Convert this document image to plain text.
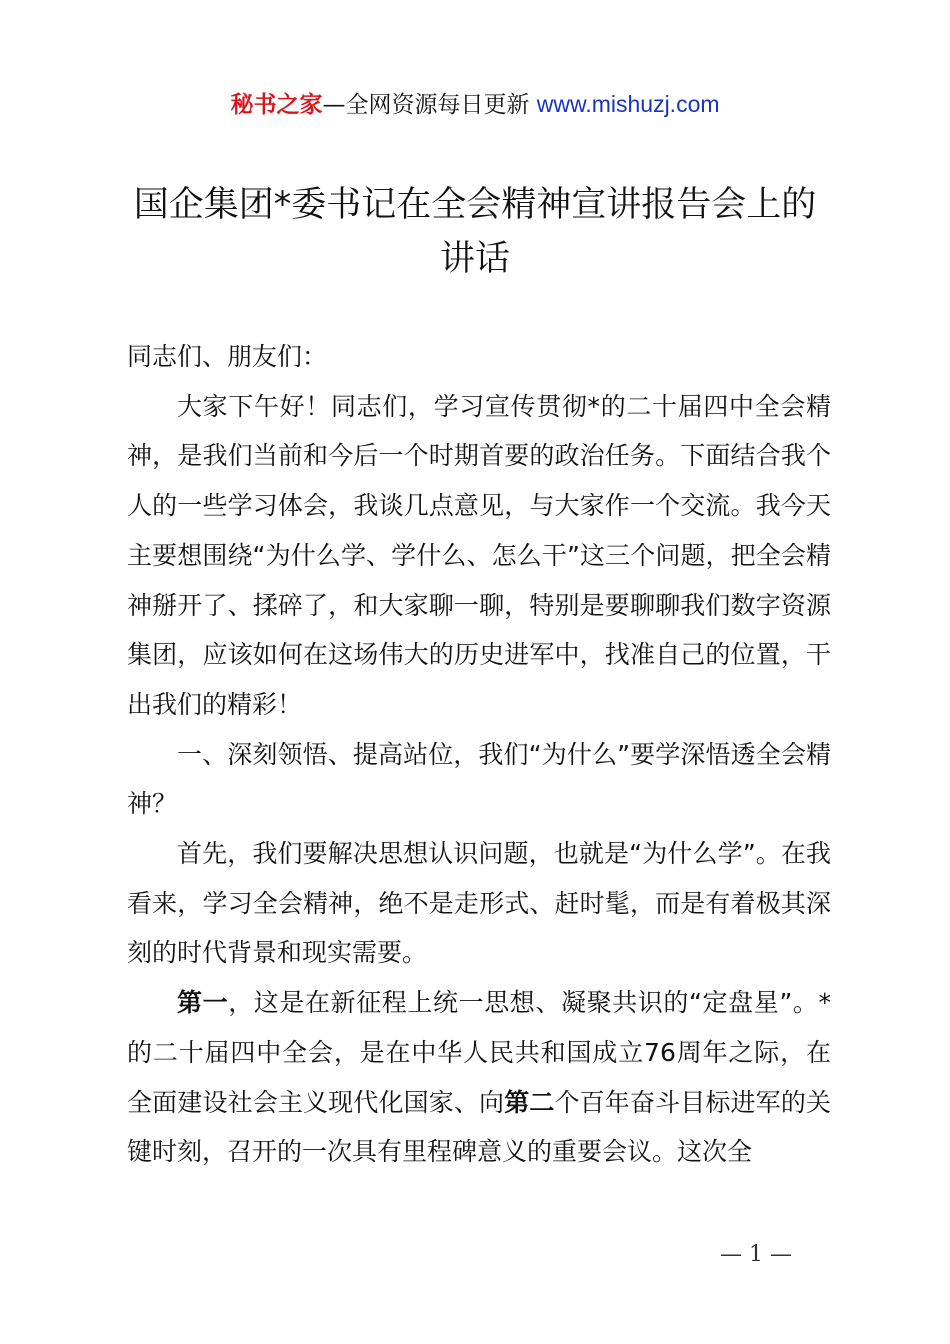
秘书之家—全网资源每日更新 www.mishuzj.com
国企集团*委书记在全会精神宣讲报告会上的讲话

同志们、朋友们：

大家下午好！同志们，学习宣传贯彻*的二十届四中全会精神，是我们当前和今后一个时期首要的政治任务。下面结合我个人的一些学习体会，我谈几点意见，与大家作一个交流。我今天主要想围绕“为什么学、学什么、怎么干”这三个问题，把全会精神掰开了、揉碎了，和大家聊一聊，特别是要聊聊我们数字资源集团，应该如何在这场伟大的历史进军中，找准自己的位置，干出我们的精彩！

一、深刻领悟、提高站位，我们“为什么”要学深悟透全会精神？

首先，我们要解决思想认识问题，也就是“为什么学”。在我看来，学习全会精神，绝不是走形式、赶时髦，而是有着极其深刻的时代背景和现实需要。

第一，这是在新征程上统一思想、凝聚共识的“定盘星”。*的二十届四中全会，是在中华人民共和国成立76周年之际，在全面建设社会主义现代化国家、向第二个百年奋斗目标进军的关键时刻，召开的一次具有里程碑意义的重要会议。这次全

— 1 —
